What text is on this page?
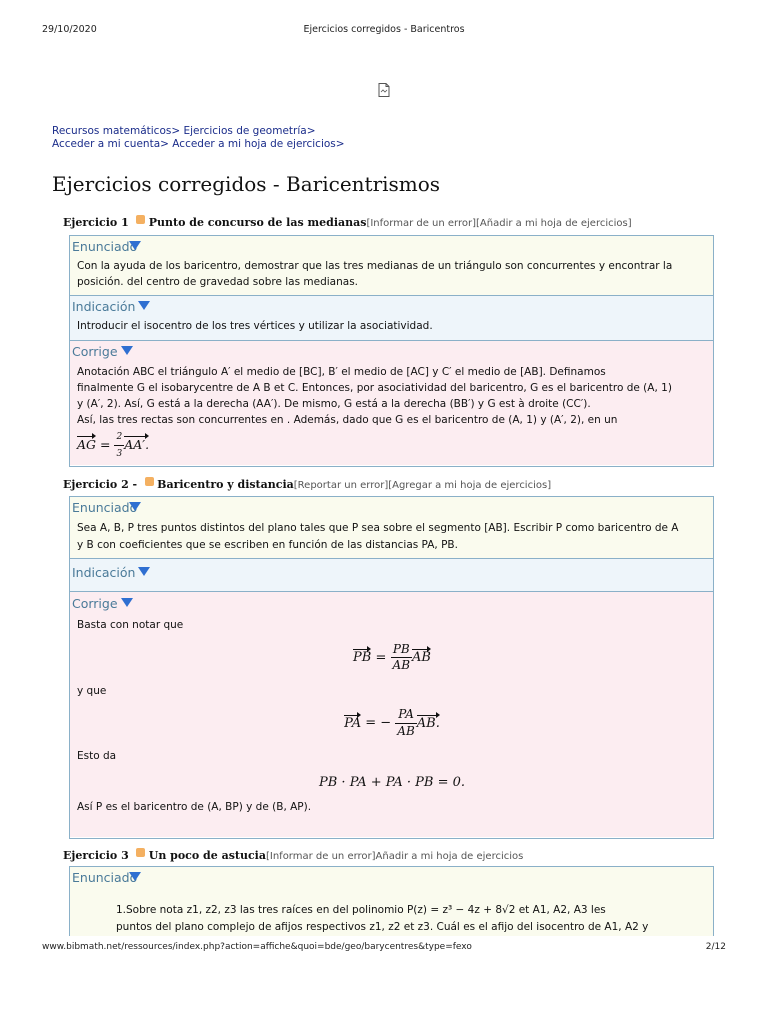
29/10/2020	Ejercicios corregidos - Baricentros
Recursos matemáticos> Ejercicios de geometría>
Acceder a mi cuenta> Acceder a mi hoja de ejercicios>
Ejercicios corregidos - Baricentrismos
Ejercicio 1 Punto de concurso de las medianas[Informar de un error][Añadir a mi hoja de ejercicios]
Enunciado
Con la ayuda de los baricentro, demostrar que las tres medianas de un triángulo son concurrentes y encontrar la posición. del centro de gravedad sobre las medianas.
Indicación
Introducir el isocentro de los tres vértices y utilizar la asociatividad.
Corrige
Anotación ABC el triángulo A′ el medio de [BC], B′ el medio de [AC] y C′ el medio de [AB]. Definamos
finalmente G el isobarycentre de A B et C. Entonces, por asociatividad del baricentro, G es el baricentro de (A, 1)
y (A′, 2). Así, G está a la derecha (AA′). De mismo, G está a la derecha (BB′) y G est à droite (CC′).
Así, las tres rectas son concurrentes en . Además, dado que G es el baricentro de (A, 1) y (A′, 2), en un
AG = $\frac{2}{3} AA'$.
Ejercicio 2 - Baricentro y distancia[Reportar un error][Agregar a mi hoja de ejercicios]
Enunciado
Sea A, B, P tres puntos distintos del plano tales que P sea sobre el segmento [AB]. Escribir P como baricentro de A
y B con coeficientes que se escriben en función de las distancias PA, PB.
Indicación
Corrige
Basta con notar que
PB = $\frac{PB}{AB}$ AB
y que
PA = − $\frac{PA}{AB}$ AB.
Esto da
PB · PA + PA · PB = 0.
Así P es el baricentro de (A, BP) y de (B, AP).
Ejercicio 3 Un poco de astucia[Informar de un error]Añadir a mi hoja de ejercicios
Enunciado
1.Sobre nota z1, z2, z3 las tres raíces en del polinomio P(z) = z³ − 4z + 8√2 et A1, A2, A3 les
puntos del plano complejo de afijos respectivos z1, z2 et z3. Cuál es el afijo del isocentro de A1, A2 y
www.bibmath.net/ressources/index.php?action=affiche&quoi=bde/geo/barycentres&type=fexo	2/12
